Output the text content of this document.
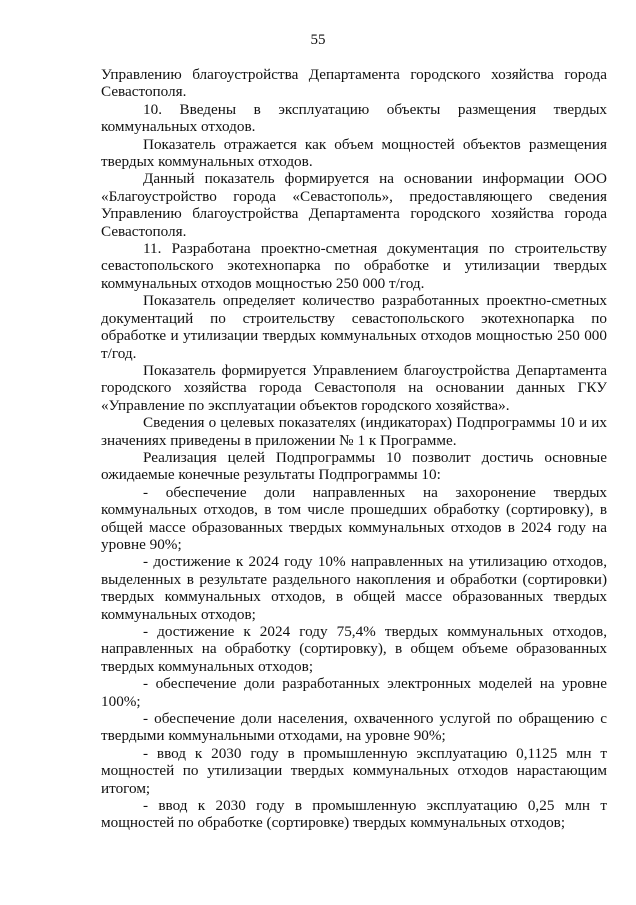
55

Управлению благоустройства Департамента городского хозяйства города Севастополя.

10. Введены в эксплуатацию объекты размещения твердых коммунальных отходов.

Показатель отражается как объем мощностей объектов размещения твердых коммунальных отходов.

Данный показатель формируется на основании информации ООО «Благоустройство города «Севастополь», предоставляющего сведения Управлению благоустройства Департамента городского хозяйства города Севастополя.

11. Разработана проектно-сметная документация по строительству севастопольского экотехнопарка по обработке и утилизации твердых коммунальных отходов мощностью 250 000 т/год.

Показатель определяет количество разработанных проектно-сметных документаций по строительству севастопольского экотехнопарка по обработке и утилизации твердых коммунальных отходов мощностью 250 000 т/год.

Показатель формируется Управлением благоустройства Департамента городского хозяйства города Севастополя на основании данных ГКУ «Управление по эксплуатации объектов городского хозяйства».

Сведения о целевых показателях (индикаторах) Подпрограммы 10 и их значениях приведены в приложении № 1 к Программе.

Реализация целей Подпрограммы 10 позволит достичь основные ожидаемые конечные результаты Подпрограммы 10:

- обеспечение доли направленных на захоронение твердых коммунальных отходов, в том числе прошедших обработку (сортировку), в общей массе образованных твердых коммунальных отходов в 2024 году на уровне 90%;

- достижение к 2024 году 10% направленных на утилизацию отходов, выделенных в результате раздельного накопления и обработки (сортировки) твердых коммунальных отходов, в общей массе образованных твердых коммунальных отходов;

- достижение к 2024 году 75,4% твердых коммунальных отходов, направленных на обработку (сортировку), в общем объеме образованных твердых коммунальных отходов;

- обеспечение доли разработанных электронных моделей на уровне 100%;

- обеспечение доли населения, охваченного услугой по обращению с твердыми коммунальными отходами, на уровне 90%;

- ввод к 2030 году в промышленную эксплуатацию 0,1125 млн т мощностей по утилизации твердых коммунальных отходов нарастающим итогом;

- ввод к 2030 году в промышленную эксплуатацию 0,25 млн т мощностей по обработке (сортировке) твердых коммунальных отходов;
